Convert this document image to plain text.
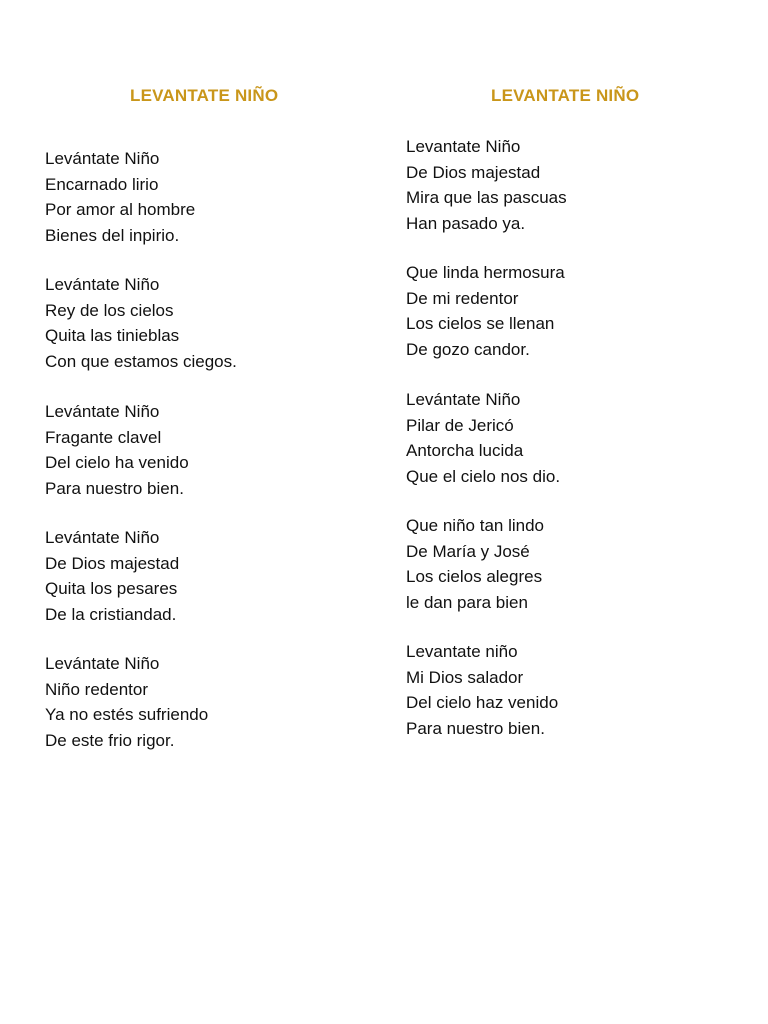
LEVANTATE NIÑO

Levántate Niño
Encarnado lirio
Por amor al hombre
Bienes del inpirio.

Levántate Niño
Rey de los cielos
Quita las tinieblas
Con que estamos ciegos.

Levántate Niño
Fragante clavel
Del cielo ha venido
Para nuestro bien.

Levántate Niño
De Dios majestad
Quita los pesares
De la cristiandad.

Levántate Niño
Niño redentor
Ya no estés sufriendo
De este frio rigor.

LEVANTATE NIÑO

Levantate Niño
De Dios majestad
Mira que las pascuas
Han pasado ya.

Que linda hermosura
De mi redentor
Los cielos se llenan
De gozo candor.

Levántate Niño
Pilar de Jericó
Antorcha lucida
Que el cielo nos dio.

Que niño tan lindo
De María y José
Los cielos alegres
le dan para bien

Levantate niño
Mi Dios salador
Del cielo haz venido
Para nuestro bien.
